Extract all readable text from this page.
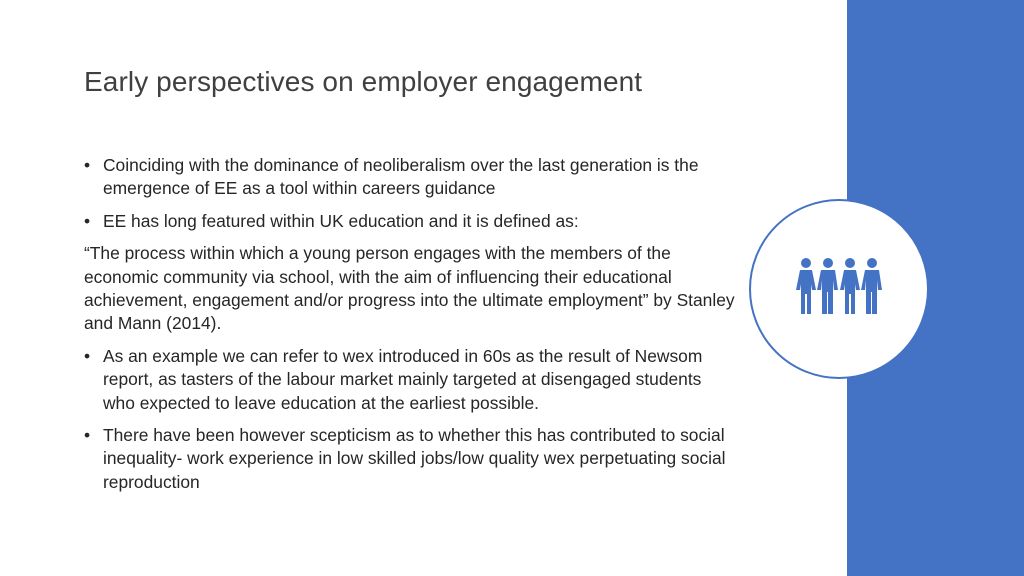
Early perspectives on employer engagement
• Coinciding with the dominance of neoliberalism over the last generation is the emergence of EE as a tool within careers guidance
• EE has long featured within UK education and it is defined as:
“The process within which a young person engages with the members of the economic community via school, with the aim of influencing their educational achievement, engagement and/or progress into the ultimate employment” by Stanley and Mann (2014).
• As an example we can refer to wex introduced in 60s as the result of Newsom report, as tasters of the labour market mainly targeted at disengaged students who expected to leave education at the earliest possible.
• There have been however scepticism as to whether this has contributed to social inequality- work experience in low skilled jobs/low quality wex perpetuating social reproduction
